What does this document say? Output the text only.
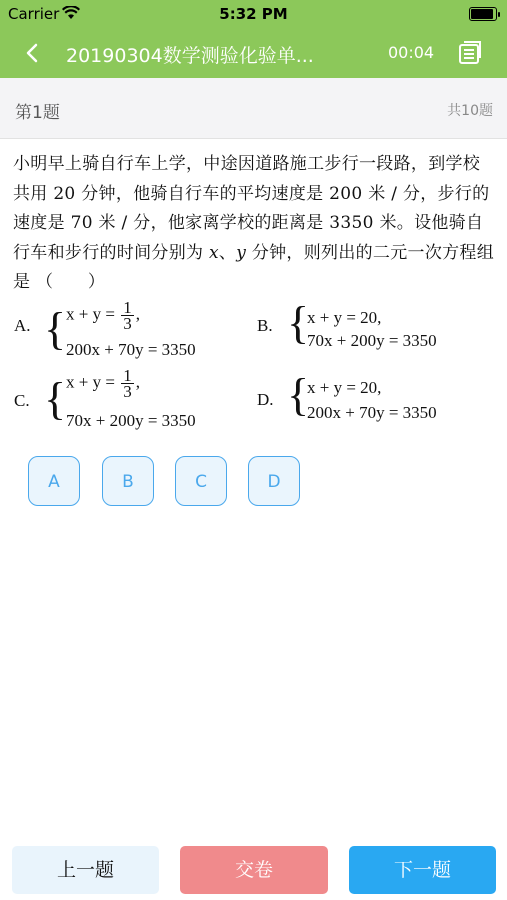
Carrier	5:32 PM
20190304数学测验化验单...	00:04
第1题	共10题
小明早上骑自行车上学，中途因道路施工步行一段路，到学校共用 20 分钟，他骑自行车的平均速度是 200 米 / 分，步行的速度是 70 米 / 分，他家离学校的距离是 3350 米。设他骑自行车和步行的时间分别为 x、y 分钟，则列出的二元一次方程组是 （　　）
A. { $x + y = \frac{1}{3}$ ,
200x + 70y = 3350
B. {
x + y = 20,
70x + 200y = 3350
C. { $x + y = \frac{1}{3}$ ,
70x + 200y = 3350
D. {
x + y = 20,
200x + 70y = 3350
A	B	C	D
上一题	交卷	下一题
